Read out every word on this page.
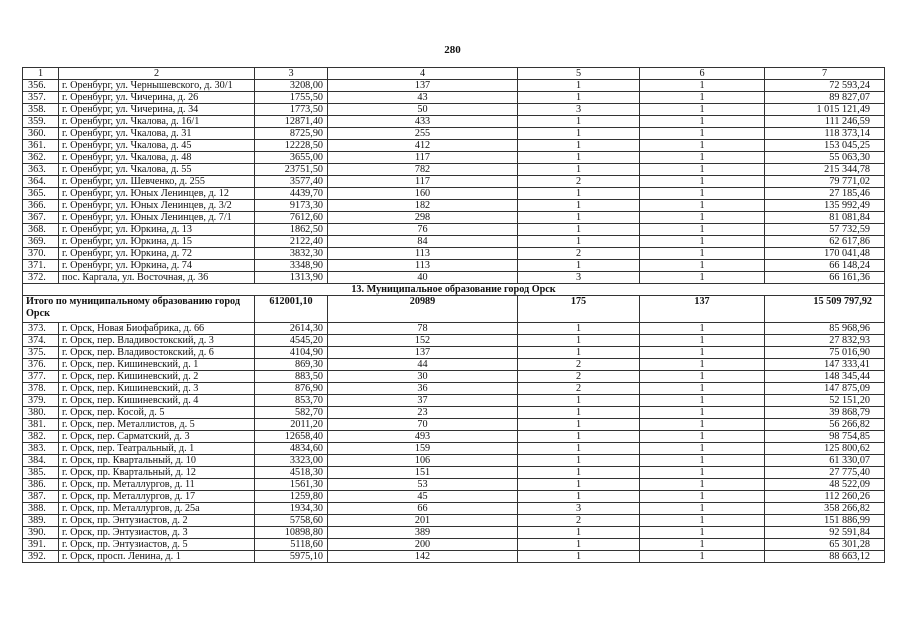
280
1	2	3	4	5	6	7
356.	г. Оренбург, ул. Чернышевского, д. 30/1	3208,00	137	1	1	72 593,24
357.	г. Оренбург, ул. Чичерина, д. 26	1755,50	43	1	1	89 827,07
358.	г. Оренбург, ул. Чичерина, д. 34	1773,50	50	3	1	1 015 121,49
359.	г. Оренбург, ул. Чкалова, д. 16/1	12871,40	433	1	1	111 246,59
360.	г. Оренбург, ул. Чкалова, д. 31	8725,90	255	1	1	118 373,14
361.	г. Оренбург, ул. Чкалова, д. 45	12228,50	412	1	1	153 045,25
362.	г. Оренбург, ул. Чкалова, д. 48	3655,00	117	1	1	55 063,30
363.	г. Оренбург, ул. Чкалова, д. 55	23751,50	782	1	1	215 344,78
364.	г. Оренбург, ул. Шевченко, д. 255	3577,40	117	2	1	79 771,02
365.	г. Оренбург, ул. Юных Ленинцев, д. 12	4439,70	160	1	1	27 185,46
366.	г. Оренбург, ул. Юных Ленинцев, д. 3/2	9173,30	182	1	1	135 992,49
367.	г. Оренбург, ул. Юных Ленинцев, д. 7/1	7612,60	298	1	1	81 081,84
368.	г. Оренбург, ул. Юркина, д. 13	1862,50	76	1	1	57 732,59
369.	г. Оренбург, ул. Юркина, д. 15	2122,40	84	1	1	62 617,86
370.	г. Оренбург, ул. Юркина, д. 72	3832,30	113	2	1	170 041,48
371.	г. Оренбург, ул. Юркина, д. 74	3348,90	113	1	1	66 148,24
372.	пос. Каргала, ул. Восточная, д. 36	1313,90	40	3	1	66 161,36
13. Муниципальное образование город Орск						
Итого по муниципальному образованию город Орск		612001,10	20989	175	137	15 509 797,92
373.	г. Орск, Новая Биофабрика, д. 66	2614,30	78	1	1	85 968,96
374.	г. Орск, пер. Владивостокский, д. 3	4545,20	152	1	1	27 832,93
375.	г. Орск, пер. Владивостокский, д. 6	4104,90	137	1	1	75 016,90
376.	г. Орск, пер. Кишиневский, д. 1	869,30	44	2	1	147 333,41
377.	г. Орск, пер. Кишиневский, д. 2	883,50	30	2	1	148 345,44
378.	г. Орск, пер. Кишиневский, д. 3	876,90	36	2	1	147 875,09
379.	г. Орск, пер. Кишиневский, д. 4	853,70	37	1	1	52 151,20
380.	г. Орск, пер. Косой, д. 5	582,70	23	1	1	39 868,79
381.	г. Орск, пер. Металлистов, д. 5	2011,20	70	1	1	56 266,82
382.	г. Орск, пер. Сарматский, д. 3	12658,40	493	1	1	98 754,85
383.	г. Орск, пер. Театральный, д. 1	4834,60	159	1	1	125 800,62
384.	г. Орск, пр. Квартальный, д. 10	3323,00	106	1	1	61 330,07
385.	г. Орск, пр. Квартальный, д. 12	4518,30	151	1	1	27 775,40
386.	г. Орск, пр. Металлургов, д. 11	1561,30	53	1	1	48 522,09
387.	г. Орск, пр. Металлургов, д. 17	1259,80	45	1	1	112 260,26
388.	г. Орск, пр. Металлургов, д. 25а	1934,30	66	3	1	358 266,82
389.	г. Орск, пр. Энтузиастов, д. 2	5758,60	201	2	1	151 886,99
390.	г. Орск, пр. Энтузиастов, д. 3	10898,80	389	1	1	92 591,84
391.	г. Орск, пр. Энтузиастов, д. 5	5118,60	200	1	1	65 301,28
392.	г. Орск, просп. Ленина, д. 1	5975,10	142	1	1	88 663,12
